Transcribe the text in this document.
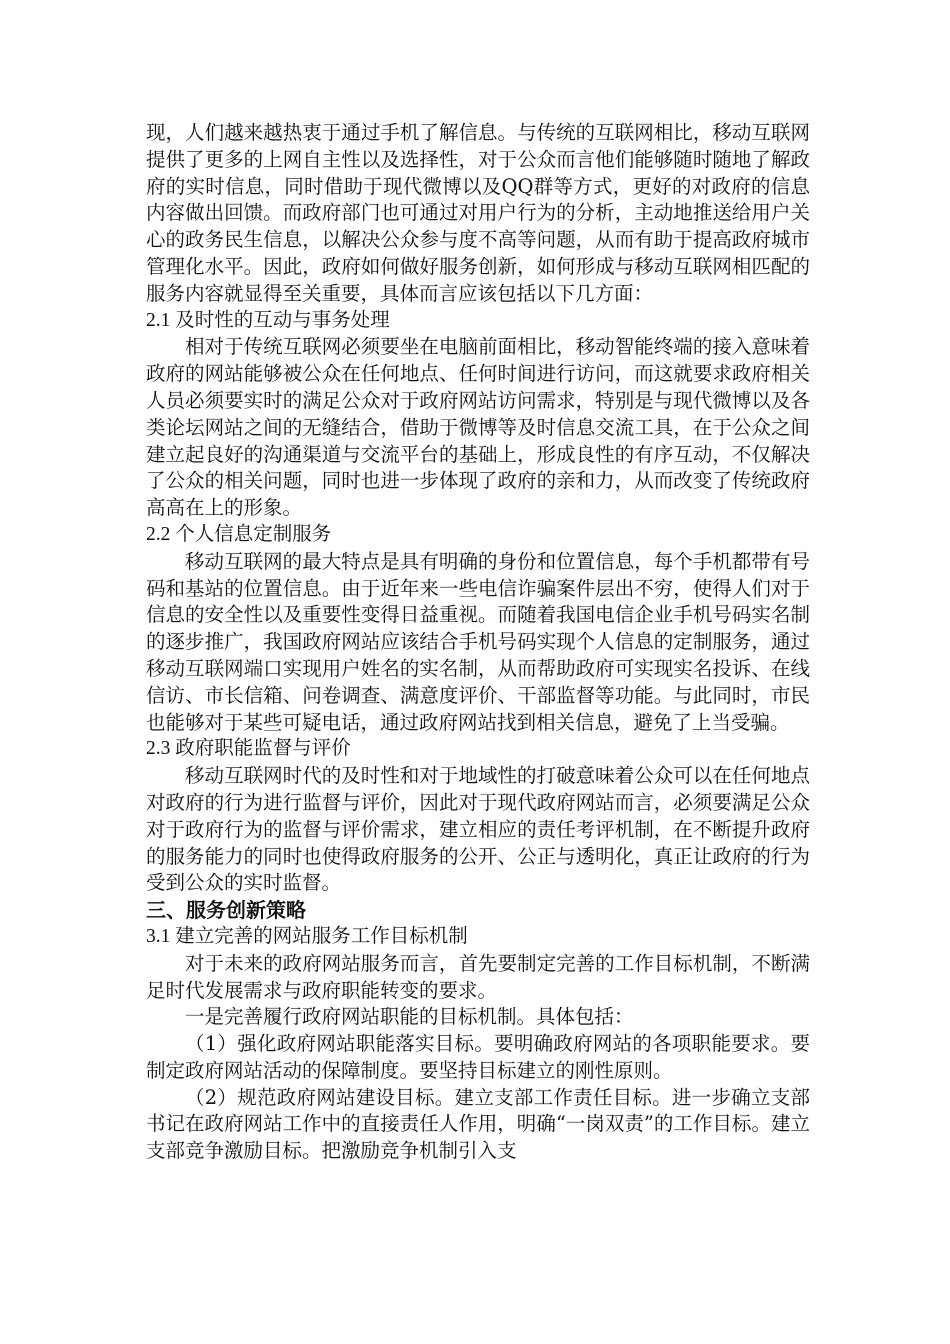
现，人们越来越热衷于通过手机了解信息。与传统的互联网相比，移动互联网提供了更多的上网自主性以及选择性，对于公众而言他们能够随时随地了解政府的实时信息，同时借助于现代微博以及QQ群等方式，更好的对政府的信息内容做出回馈。而政府部门也可通过对用户行为的分析，主动地推送给用户关心的政务民生信息，以解决公众参与度不高等问题，从而有助于提高政府城市管理化水平。因此，政府如何做好服务创新，如何形成与移动互联网相匹配的服务内容就显得至关重要，具体而言应该包括以下几方面：

2.1 及时性的互动与事务处理

相对于传统互联网必须要坐在电脑前面相比，移动智能终端的接入意味着政府的网站能够被公众在任何地点、任何时间进行访问，而这就要求政府相关人员必须要实时的满足公众对于政府网站访问需求，特别是与现代微博以及各类论坛网站之间的无缝结合，借助于微博等及时信息交流工具，在于公众之间建立起良好的沟通渠道与交流平台的基础上，形成良性的有序互动，不仅解决了公众的相关问题，同时也进一步体现了政府的亲和力，从而改变了传统政府高高在上的形象。

2.2 个人信息定制服务

移动互联网的最大特点是具有明确的身份和位置信息，每个手机都带有号码和基站的位置信息。由于近年来一些电信诈骗案件层出不穷，使得人们对于信息的安全性以及重要性变得日益重视。而随着我国电信企业手机号码实名制的逐步推广，我国政府网站应该结合手机号码实现个人信息的定制服务，通过移动互联网端口实现用户姓名的实名制，从而帮助政府可实现实名投诉、在线信访、市长信箱、问卷调查、满意度评价、干部监督等功能。与此同时，市民也能够对于某些可疑电话，通过政府网站找到相关信息，避免了上当受骗。

2.3 政府职能监督与评价

移动互联网时代的及时性和对于地域性的打破意味着公众可以在任何地点对政府的行为进行监督与评价，因此对于现代政府网站而言，必须要满足公众对于政府行为的监督与评价需求，建立相应的责任考评机制，在不断提升政府的服务能力的同时也使得政府服务的公开、公正与透明化，真正让政府的行为受到公众的实时监督。

三、服务创新策略

3.1 建立完善的网站服务工作目标机制

对于未来的政府网站服务而言，首先要制定完善的工作目标机制，不断满足时代发展需求与政府职能转变的要求。

一是完善履行政府网站职能的目标机制。具体包括：

（1）强化政府网站职能落实目标。要明确政府网站的各项职能要求。要制定政府网站活动的保障制度。要坚持目标建立的刚性原则。

（2）规范政府网站建设目标。建立支部工作责任目标。进一步确立支部书记在政府网站工作中的直接责任人作用，明确“一岗双责”的工作目标。建立支部竞争激励目标。把激励竞争机制引入支
